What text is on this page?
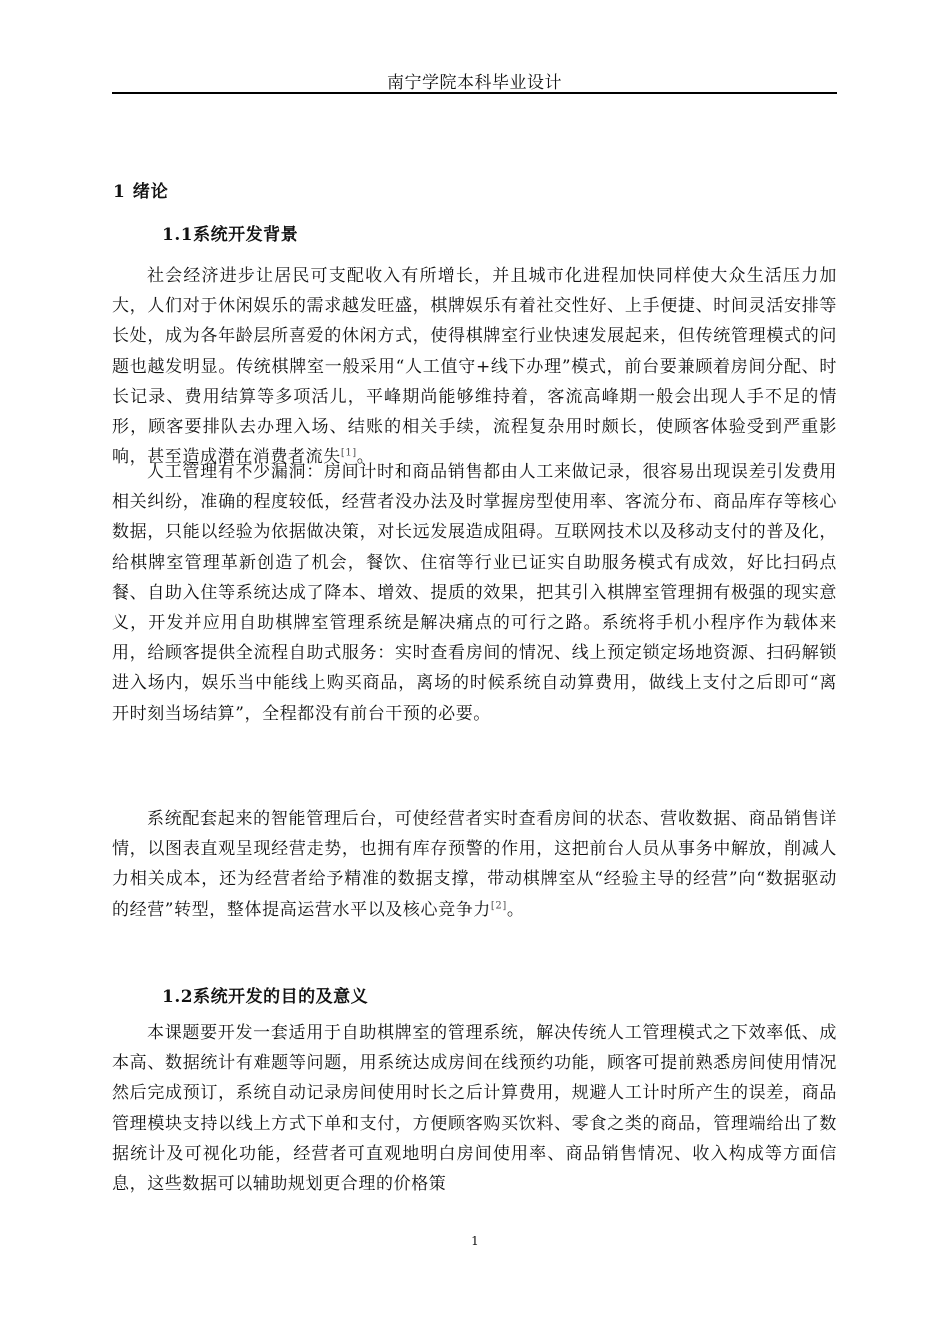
南宁学院本科毕业设计
1 绪论
1.1系统开发背景

社会经济进步让居民可支配收入有所增长，并且城市化进程加快同样使大众生活压力加大，人们对于休闲娱乐的需求越发旺盛，棋牌娱乐有着社交性好、上手便捷、时间灵活安排等长处，成为各年龄层所喜爱的休闲方式，使得棋牌室行业快速发展起来，但传统管理模式的问题也越发明显。传统棋牌室一般采用“人工值守+线下办理”模式，前台要兼顾着房间分配、时长记录、费用结算等多项活儿，平峰期尚能够维持着，客流高峰期一般会出现人手不足的情形，顾客要排队去办理入场、结账的相关手续，流程复杂用时颇长，使顾客体验受到严重影响，甚至造成潜在消费者流失[1]。

人工管理有不少漏洞：房间计时和商品销售都由人工来做记录，很容易出现误差引发费用相关纠纷，准确的程度较低，经营者没办法及时掌握房型使用率、客流分布、商品库存等核心数据，只能以经验为依据做决策，对长远发展造成阻碍。互联网技术以及移动支付的普及化，给棋牌室管理革新创造了机会，餐饮、住宿等行业已证实自助服务模式有成效，好比扫码点餐、自助入住等系统达成了降本、增效、提质的效果，把其引入棋牌室管理拥有极强的现实意义，开发并应用自助棋牌室管理系统是解决痛点的可行之路。系统将手机小程序作为载体来用，给顾客提供全流程自助式服务：实时查看房间的情况、线上预定锁定场地资源、扫码解锁进入场内，娱乐当中能线上购买商品，离场的时候系统自动算费用，做线上支付之后即可“离开时刻当场结算”，全程都没有前台干预的必要。

系统配套起来的智能管理后台，可使经营者实时查看房间的状态、营收数据、商品销售详情，以图表直观呈现经营走势，也拥有库存预警的作用，这把前台人员从事务中解放，削减人力相关成本，还为经营者给予精准的数据支撑，带动棋牌室从“经验主导的经营”向“数据驱动的经营”转型，整体提高运营水平以及核心竞争力[2]。

1.2系统开发的目的及意义

本课题要开发一套适用于自助棋牌室的管理系统，解决传统人工管理模式之下效率低、成本高、数据统计有难题等问题，用系统达成房间在线预约功能，顾客可提前熟悉房间使用情况然后完成预订，系统自动记录房间使用时长之后计算费用，规避人工计时所产生的误差，商品管理模块支持以线上方式下单和支付，方便顾客购买饮料、零食之类的商品，管理端给出了数据统计及可视化功能，经营者可直观地明白房间使用率、商品销售情况、收入构成等方面信息，这些数据可以辅助规划更合理的价格策

1
